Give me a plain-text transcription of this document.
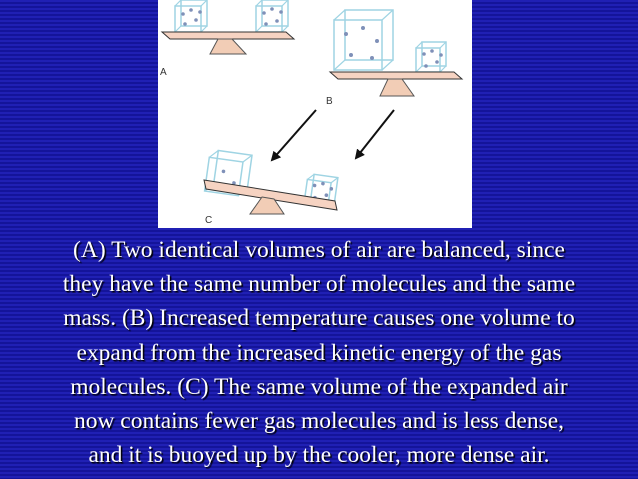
A
B
C

(A) Two identical volumes of air are balanced, since
they have the same number of molecules and the same
mass. (B) Increased temperature causes one volume to
expand from the increased kinetic energy of the gas
molecules. (C) The same volume of the expanded air
now contains fewer gas molecules and is less dense,
and it is buoyed up by the cooler, more dense air.
